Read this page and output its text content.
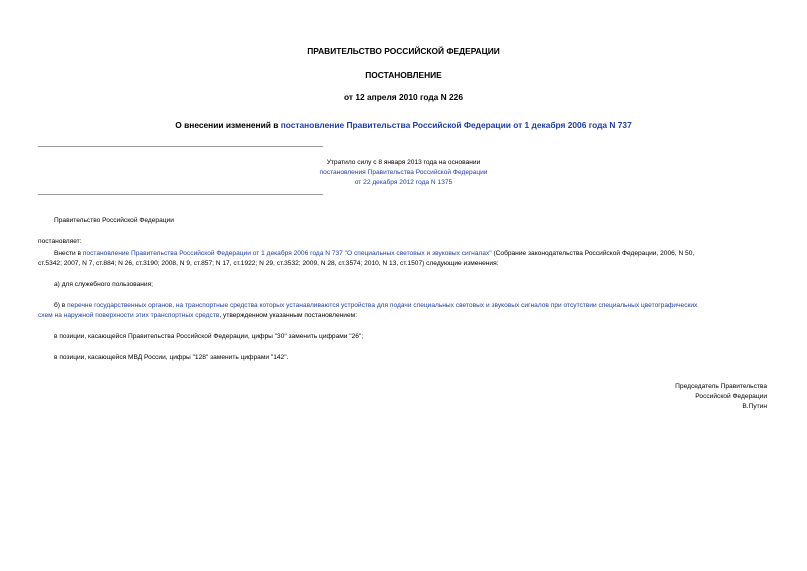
ПРАВИТЕЛЬСТВО РОССИЙСКОЙ ФЕДЕРАЦИИ
ПОСТАНОВЛЕНИЕ
от 12 апреля 2010 года N 226
О внесении изменений в постановление Правительства Российской Федерации от 1 декабря 2006 года N 737
Утратило силу с 8 января 2013 года на основании
постановления Правительства Российской Федерации
от 22 декабря 2012 года N 1375
Правительство Российской Федерации
постановляет:
Внести в постановление Правительства Российской Федерации от 1 декабря 2006 года N 737 "О специальных световых и звуковых сигналах" (Собрание законодательства Российской Федерации, 2006, N 50,
ст.5342; 2007, N 7, ст.884; N 26, ст.3190; 2008, N 9, ст.857; N 17, ст.1922; N 29, ст.3532; 2009, N 28, ст.3574; 2010, N 13, ст.1507) следующие изменения:
а) для служебного пользования;
б) в перечне государственных органов, на транспортные средства которых устанавливаются устройства для подачи специальных световых и звуковых сигналов при отсутствии специальных цветографических
схем на наружной поверхности этих транспортных средств, утвержденном указанным постановлением:
в позиции, касающейся Правительства Российской Федерации, цифры "30" заменить цифрами "26";
в позиции, касающейся МВД России, цифры "128" заменить цифрами "142".
Председатель Правительства
Российской Федерации
В.Путин
